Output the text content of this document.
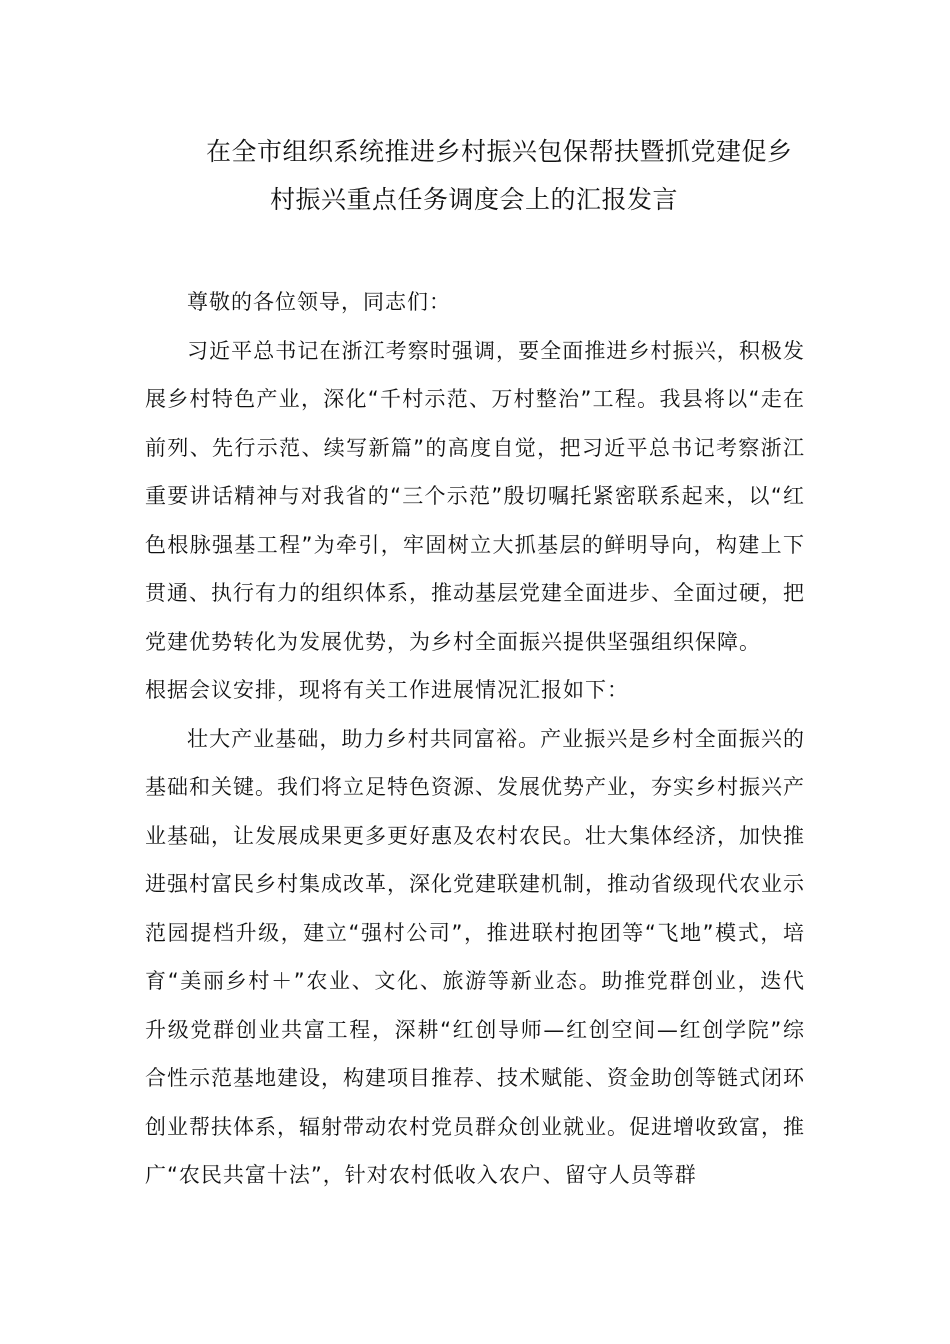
在全市组织系统推进乡村振兴包保帮扶暨抓党建促乡
村振兴重点任务调度会上的汇报发言

尊敬的各位领导，同志们：

习近平总书记在浙江考察时强调，要全面推进乡村振兴，积极发展乡村特色产业，深化“千村示范、万村整治”工程。我县将以“走在前列、先行示范、续写新篇”的高度自觉，把习近平总书记考察浙江重要讲话精神与对我省的“三个示范”殷切嘱托紧密联系起来，以“红色根脉强基工程”为牵引，牢固树立大抓基层的鲜明导向，构建上下贯通、执行有力的组织体系，推动基层党建全面进步、全面过硬，把党建优势转化为发展优势，为乡村全面振兴提供坚强组织保障。

根据会议安排，现将有关工作进展情况汇报如下：

壮大产业基础，助力乡村共同富裕。产业振兴是乡村全面振兴的基础和关键。我们将立足特色资源、发展优势产业，夯实乡村振兴产业基础，让发展成果更多更好惠及农村农民。壮大集体经济，加快推进强村富民乡村集成改革，深化党建联建机制，推动省级现代农业示范园提档升级，建立“强村公司”，推进联村抱团等“飞地”模式，培育“美丽乡村＋”农业、文化、旅游等新业态。助推党群创业，迭代升级党群创业共富工程，深耕“红创导师—红创空间—红创学院”综合性示范基地建设，构建项目推荐、技术赋能、资金助创等链式闭环创业帮扶体系，辐射带动农村党员群众创业就业。促进增收致富，推广“农民共富十法”，针对农村低收入农户、留守人员等群
